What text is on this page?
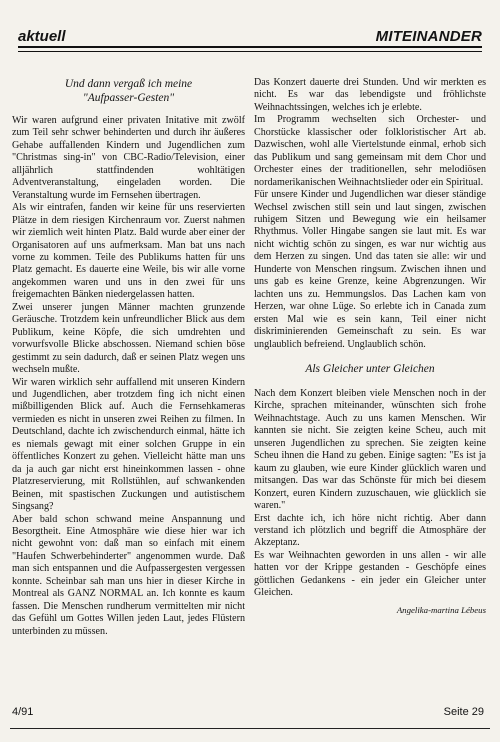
aktuell	MITEINANDER
Und dann vergaß ich meine
"Aufpasser-Gesten"

Wir waren aufgrund einer privaten Initative mit zwölf zum Teil sehr schwer behinderten und durch ihr äußeres Gehabe auffallenden Kindern und Jugendlichen zum "Christmas sing-in" von CBC-Radio/Television, einer alljährlich stattfindenden wohltätigen Adventveranstaltung, eingeladen worden. Die Veranstaltung wurde im Fernsehen übertragen.

Als wir eintrafen, fanden wir keine für uns reservierten Plätze in dem riesigen Kirchenraum vor. Zuerst nahmen wir ziemlich weit hinten Platz. Bald wurde aber einer der Organisatoren auf uns aufmerksam. Man bat uns nach vorne zu kommen. Teile des Publikums hatten für uns Platz gemacht. Es dauerte eine Weile, bis wir alle vorne angekommen waren und uns in den zwei für uns freigemachten Bänken niedergelassen hatten.

Zwei unserer jungen Männer machten grunzende Geräusche. Trotzdem kein unfreundlicher Blick aus dem Publikum, keine Köpfe, die sich umdrehten und vorwurfsvolle Blicke abschossen. Niemand schien böse gestimmt zu sein dadurch, daß er seinen Platz wegen uns wechseln mußte.

Wir waren wirklich sehr auffallend mit unseren Kindern und Jugendlichen, aber trotzdem fing ich nicht einen mißbilligenden Blick auf. Auch die Fernsehkameras vermieden es nicht in unseren zwei Reihen zu filmen. In Deutschland, dachte ich zwischendurch einmal, hätte ich es niemals gewagt mit einer solchen Gruppe in ein öffentliches Konzert zu gehen. Vielleicht hätte man uns da ja auch gar nicht erst hineinkommen lassen - ohne Platzreservierung, mit Rollstühlen, auf schwankenden Beinen, mit spastischen Zuckungen und autistischem Singsang?

Aber bald schon schwand meine Anspannung und Besorgtheit. Eine Atmosphäre wie diese hier war ich nicht gewohnt von: daß man so einfach mit einem "Haufen Schwerbehinderter" angenommen wurde. Daß man sich entspannen und die Aufpassergesten vergessen konnte. Scheinbar sah man uns hier in dieser Kirche in Montreal als GANZ NORMAL an. Ich konnte es kaum fassen. Die Menschen rundherum vermittelten mir nicht das Gefühl um Gottes Willen jeden Laut, jedes Flüstern unterbinden zu müssen.

Das Konzert dauerte drei Stunden. Und wir merkten es nicht. Es war das lebendigste und fröhlichste Weihnachtssingen, welches ich je erlebte.

Im Programm wechselten sich Orchester- und Chorstücke klassischer oder folkloristischer Art ab. Dazwischen, wohl alle Viertelstunde einmal, erhob sich das Publikum und sang gemeinsam mit dem Chor und Orchester eines der traditionellen, sehr melodiösen nordamerikanischen Weihnachtslieder oder ein Spiritual.

Für unsere Kinder und Jugendlichen war dieser ständige Wechsel zwischen still sein und laut singen, zwischen ruhigem Sitzen und Bewegung wie ein heilsamer Rhythmus. Voller Hingabe sangen sie laut mit. Es war nicht wichtig schön zu singen, es war nur wichtig aus dem Herzen zu singen. Und das taten sie alle: wir und Hunderte von Menschen ringsum. Zwischen ihnen und uns gab es keine Grenze, keine Abgrenzungen. Wir lachten uns zu. Hemmungslos. Das Lachen kam von Herzen, war ohne Lüge. So erlebte ich in Canada zum ersten Mal wie es sein kann, Teil einer nicht diskriminierenden Gemeinschaft zu sein. Es war unglaublich befreiend. Unglaublich schön.

Als Gleicher unter Gleichen

Nach dem Konzert bleiben viele Menschen noch in der Kirche, sprachen miteinander, wünschten sich frohe Weihnachtstage. Auch zu uns kamen Menschen. Wir kannten sie nicht. Sie zeigten keine Scheu, auch mit unseren Jugendlichen zu sprechen. Sie zeigten keine Scheu ihnen die Hand zu geben. Einige sagten: "Es ist ja kaum zu glauben, wie eure Kinder glücklich waren und mitsangen. Das war das Schönste für mich bei diesem Konzert, euren Kindern zuzuschauen, wie glücklich sie waren."

Erst dachte ich, ich höre nicht richtig. Aber dann verstand ich plötzlich und begriff die Atmosphäre der Akzeptanz.

Es war Weihnachten geworden in uns allen - wir alle hatten vor der Krippe gestanden - Geschöpfe eines göttlichen Gedankens - ein jeder ein Gleicher unter Gleichen.

Angelika-martina Lébeus
4/91	Seite 29
